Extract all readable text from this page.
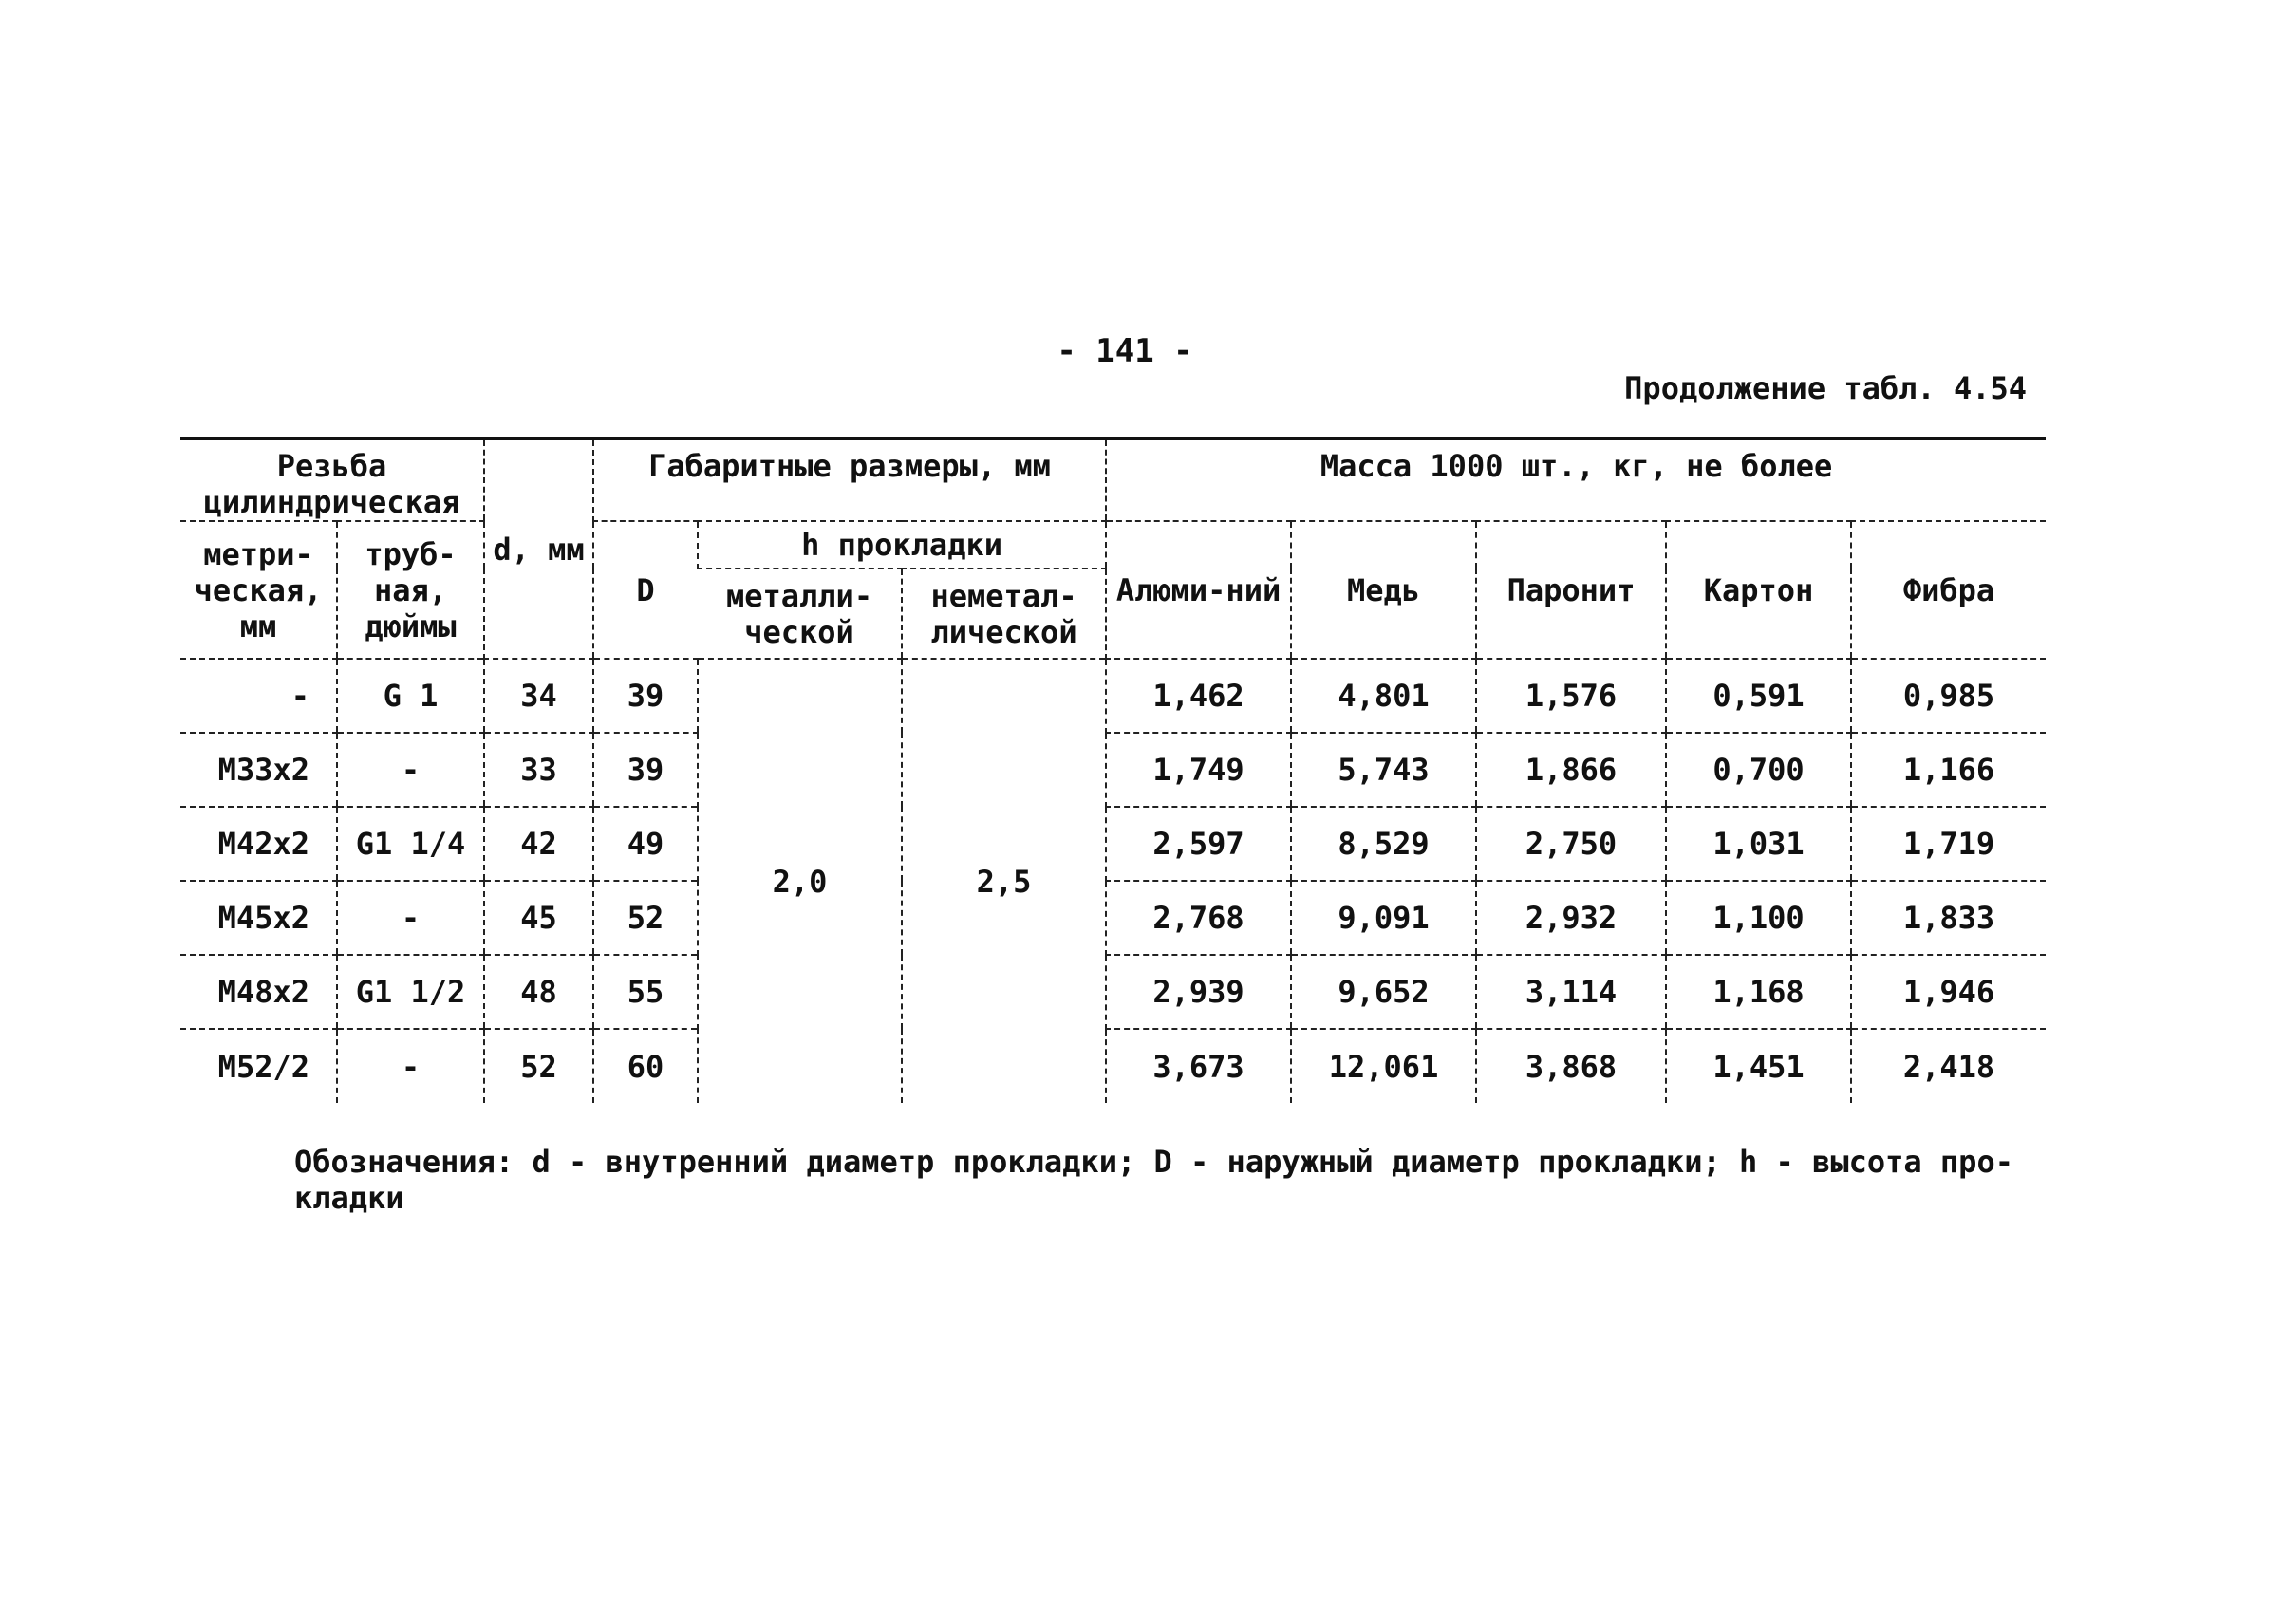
- 141 -
Продолжение табл. 4.54
Резьба цилиндрическая		d, мм	Габаритные размеры, мм			Масса 1000 шт., кг, не более				
метри-ческая, мм	труб-ная, дюймы		D	h прокладки		Алюми-ний	Медь	Паронит	Картон	Фибра
				металли-ческой	неметал-лической					
-	G 1	34	39	2,0	2,5	1,462	4,801	1,576	0,591	0,985
М33х2	-	33	39			1,749	5,743	1,866	0,700	1,166
М42х2	G1 1/4	42	49			2,597	8,529	2,750	1,031	1,719
М45х2	-	45	52			2,768	9,091	2,932	1,100	1,833
М48х2	G1 1/2	48	55			2,939	9,652	3,114	1,168	1,946
М52/2	-	52	60			3,673	12,061	3,868	1,451	2,418
Обозначения: d - внутренний диаметр прокладки; D - наружный диаметр прокладки; h - высота про-кладки
